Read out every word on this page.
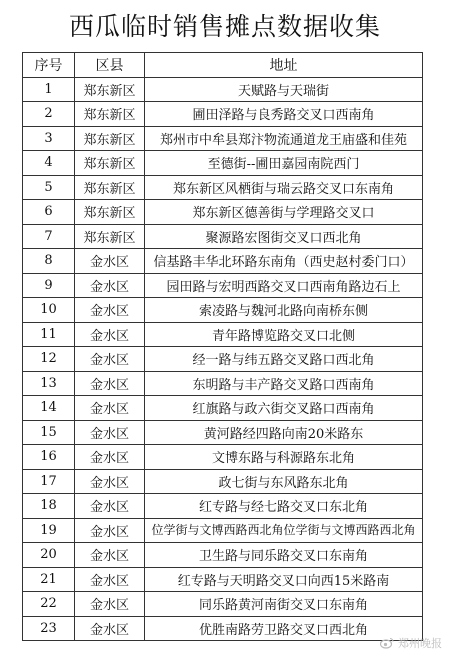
西瓜临时销售摊点数据收集
序号	区县	地址
1	郑东新区	天赋路与天瑞街
2	郑东新区	圃田泽路与良秀路交叉口西南角
3	郑东新区	郑州市中牟县郑汴物流通道龙王庙盛和佳苑
4	郑东新区	至德街--圃田嘉园南院西门
5	郑东新区	郑东新区风栖街与瑞云路交叉口东南角
6	郑东新区	郑东新区德善街与学理路交叉口
7	郑东新区	聚源路宏图街交叉口西北角
8	金水区	信基路丰华北环路东南角（西史赵村委门口）
9	金水区	园田路与宏明西路交叉口西南角路边石上
10	金水区	索凌路与魏河北路向南桥东侧
11	金水区	青年路博览路交叉口北侧
12	金水区	经一路与纬五路交叉路口西北角
13	金水区	东明路与丰产路交叉路口西南角
14	金水区	红旗路与政六街交叉路口西南角
15	金水区	黄河路经四路向南20米路东
16	金水区	文博东路与科源路东北角
17	金水区	政七街与东风路东北角
18	金水区	红专路与经七路交叉口东北角
19	金水区	位学街与文博西路西北角位学街与文博西路西北角
20	金水区	卫生路与同乐路交叉口东南角
21	金水区	红专路与天明路交叉口向西15米路南
22	金水区	同乐路黄河南街交叉口东南角
23	金水区	优胜南路劳卫路交叉口西北角
郑州晚报
